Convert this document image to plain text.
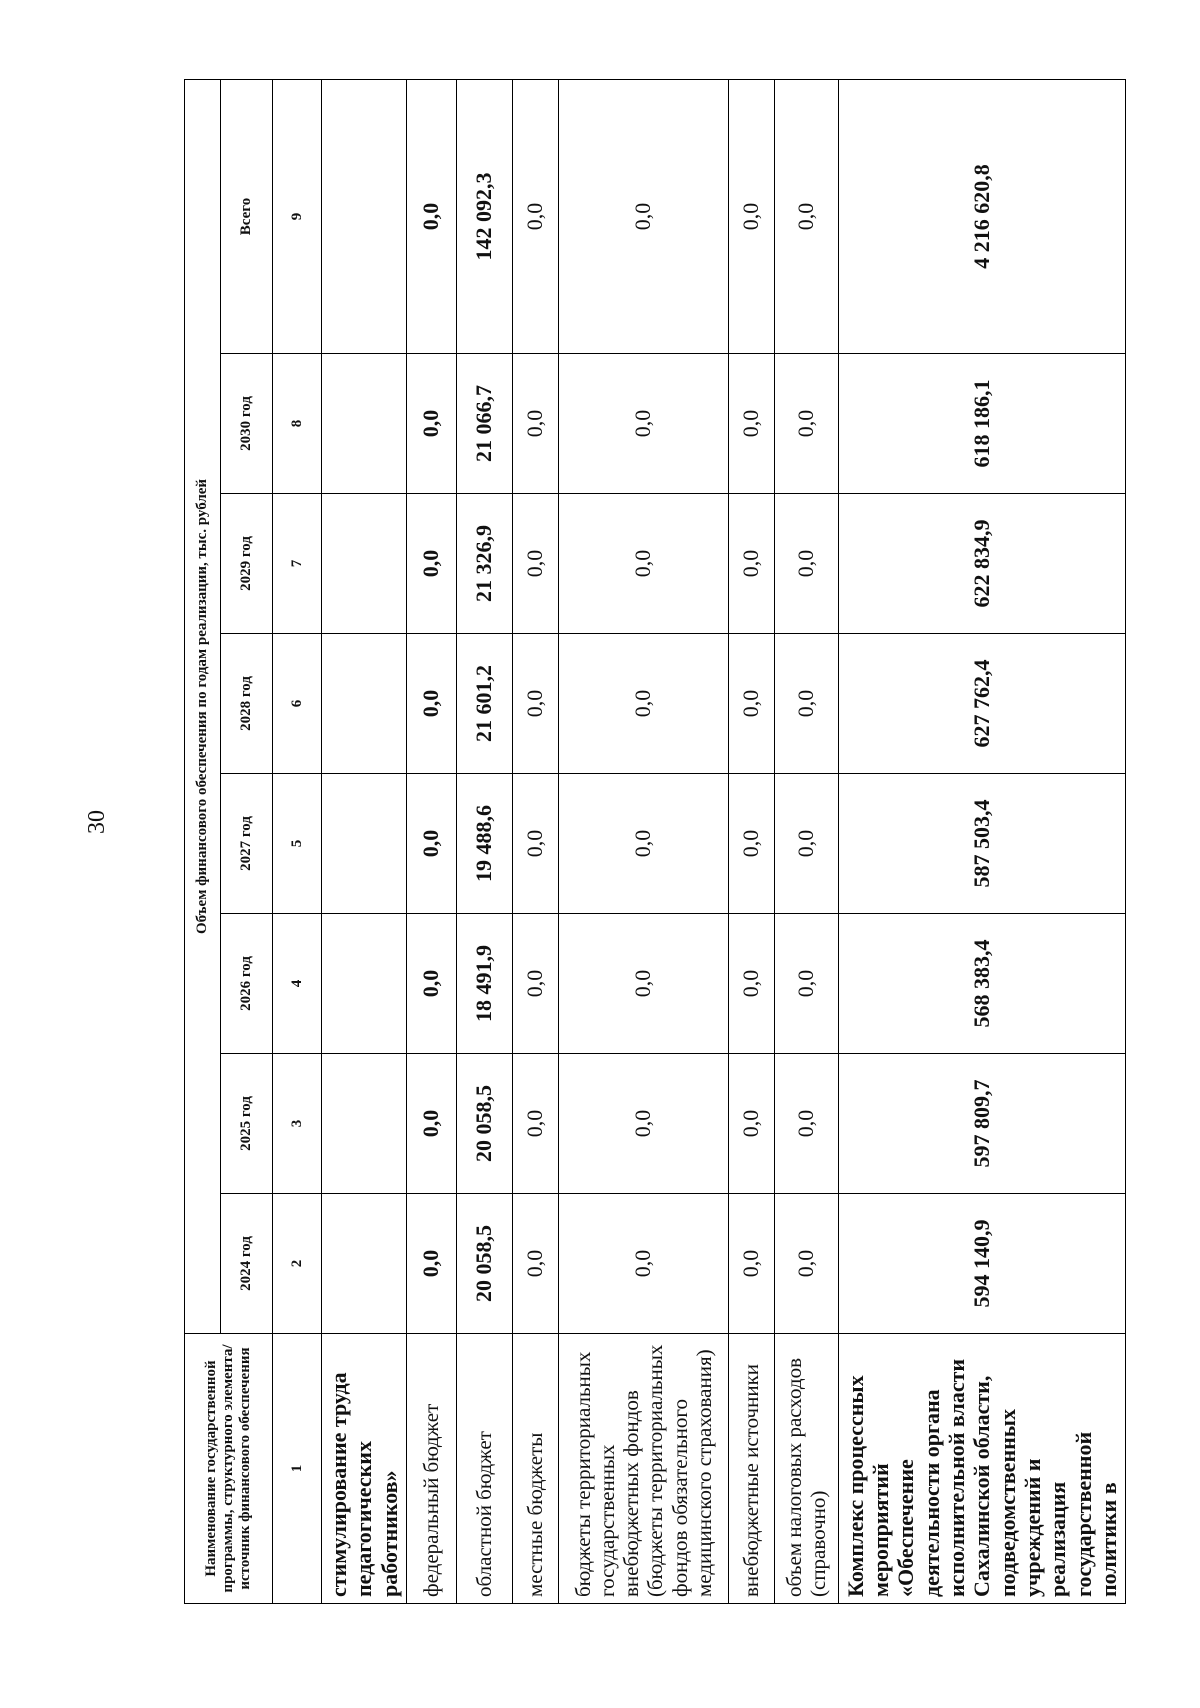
30
Наименование государственной программы, структурного элемента/источник финансового обеспечения	Объем финансового обеспечения по годам реализации, тыс. рублей							
	2024 год	2025 год	2026 год	2027 год	2028 год	2029 год	2030 год	Всего
1	2	3	4	5	6	7	8	9
стимулирование труда педагогических работников»								
федеральный бюджет	0,0	0,0	0,0	0,0	0,0	0,0	0,0	0,0
областной бюджет	20 058,5	20 058,5	18 491,9	19 488,6	21 601,2	21 326,9	21 066,7	142 092,3
местные бюджеты	0,0	0,0	0,0	0,0	0,0	0,0	0,0	0,0
бюджеты территориальных государственных внебюджетных фондов (бюджеты территориальных фондов обязательного медицинского страхования)	0,0	0,0	0,0	0,0	0,0	0,0	0,0	0,0
внебюджетные источники	0,0	0,0	0,0	0,0	0,0	0,0	0,0	0,0
объем налоговых расходов (справочно)	0,0	0,0	0,0	0,0	0,0	0,0	0,0	0,0
Комплекс процессных мероприятий «Обеспечение деятельности органа исполнительной власти Сахалинской области, подведомственных учреждений и реализация государственной политики в	594 140,9	597 809,7	568 383,4	587 503,4	627 762,4	622 834,9	618 186,1	4 216 620,8
